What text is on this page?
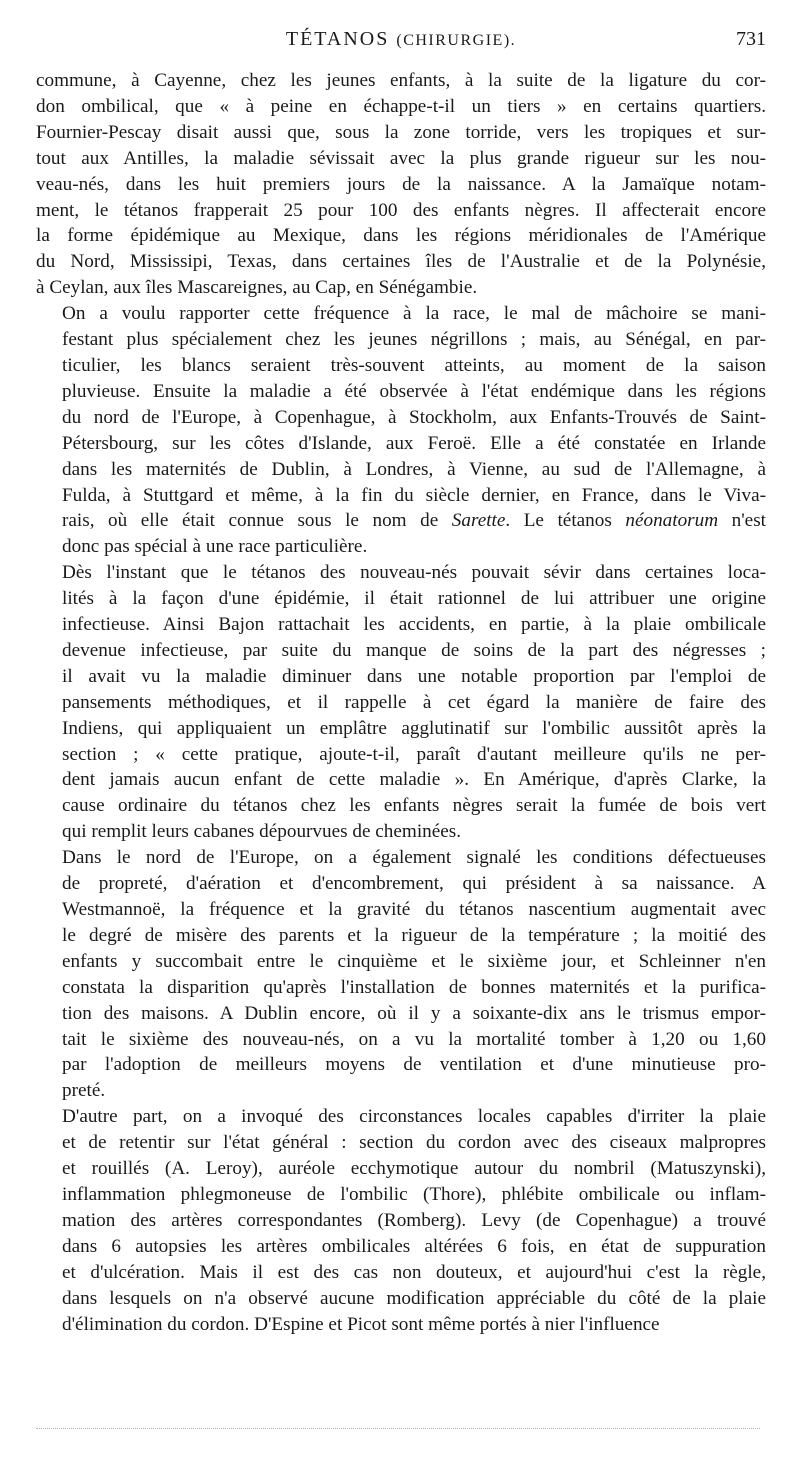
TÉTANOS (CHIRURGIE).	731

commune, à Cayenne, chez les jeunes enfants, à la suite de la ligature du cor-
don ombilical, que « à peine en échappe-t-il un tiers » en certains quartiers.
Fournier-Pescay disait aussi que, sous la zone torride, vers les tropiques et sur-
tout aux Antilles, la maladie sévissait avec la plus grande rigueur sur les nou-
veau-nés, dans les huit premiers jours de la naissance. A la Jamaïque notam-
ment, le tétanos frapperait 25 pour 100 des enfants nègres. Il affecterait encore
la forme épidémique au Mexique, dans les régions méridionales de l'Amérique
du Nord, Mississipi, Texas, dans certaines îles de l'Australie et de la Polynésie,
à Ceylan, aux îles Mascareignes, au Cap, en Sénégambie.

On a voulu rapporter cette fréquence à la race, le mal de mâchoire se mani-
festant plus spécialement chez les jeunes négrillons ; mais, au Sénégal, en par-
ticulier, les blancs seraient très-souvent atteints, au moment de la saison
pluvieuse. Ensuite la maladie a été observée à l'état endémique dans les régions
du nord de l'Europe, à Copenhague, à Stockholm, aux Enfants-Trouvés de Saint-
Pétersbourg, sur les côtes d'Islande, aux Feroë. Elle a été constatée en Irlande
dans les maternités de Dublin, à Londres, à Vienne, au sud de l'Allemagne, à
Fulda, à Stuttgard et même, à la fin du siècle dernier, en France, dans le Viva-
rais, où elle était connue sous le nom de Sarette. Le tétanos néonatorum n'est
donc pas spécial à une race particulière.

Dès l'instant que le tétanos des nouveau-nés pouvait sévir dans certaines loca-
lités à la façon d'une épidémie, il était rationnel de lui attribuer une origine
infectieuse. Ainsi Bajon rattachait les accidents, en partie, à la plaie ombilicale
devenue infectieuse, par suite du manque de soins de la part des négresses ;
il avait vu la maladie diminuer dans une notable proportion par l'emploi de
pansements méthodiques, et il rappelle à cet égard la manière de faire des
Indiens, qui appliquaient un emplâtre agglutinatif sur l'ombilic aussitôt après la
section ; « cette pratique, ajoute-t-il, paraît d'autant meilleure qu'ils ne per-
dent jamais aucun enfant de cette maladie ». En Amérique, d'après Clarke, la
cause ordinaire du tétanos chez les enfants nègres serait la fumée de bois vert
qui remplit leurs cabanes dépourvues de cheminées.

Dans le nord de l'Europe, on a également signalé les conditions défectueuses
de propreté, d'aération et d'encombrement, qui président à sa naissance. A
Westmannoë, la fréquence et la gravité du tétanos nascentium augmentait avec
le degré de misère des parents et la rigueur de la température ; la moitié des
enfants y succombait entre le cinquième et le sixième jour, et Schleinner n'en
constata la disparition qu'après l'installation de bonnes maternités et la purifica-
tion des maisons. A Dublin encore, où il y a soixante-dix ans le trismus empor-
tait le sixième des nouveau-nés, on a vu la mortalité tomber à 1,20 ou 1,60
par l'adoption de meilleurs moyens de ventilation et d'une minutieuse pro-
preté.

D'autre part, on a invoqué des circonstances locales capables d'irriter la plaie
et de retentir sur l'état général : section du cordon avec des ciseaux malpropres
et rouillés (A. Leroy), auréole ecchymotique autour du nombril (Matuszynski),
inflammation phlegmoneuse de l'ombilic (Thore), phlébite ombilicale ou inflam-
mation des artères correspondantes (Romberg). Levy (de Copenhague) a trouvé
dans 6 autopsies les artères ombilicales altérées 6 fois, en état de suppuration
et d'ulcération. Mais il est des cas non douteux, et aujourd'hui c'est la règle,
dans lesquels on n'a observé aucune modification appréciable du côté de la plaie
d'élimination du cordon. D'Espine et Picot sont même portés à nier l'influence
